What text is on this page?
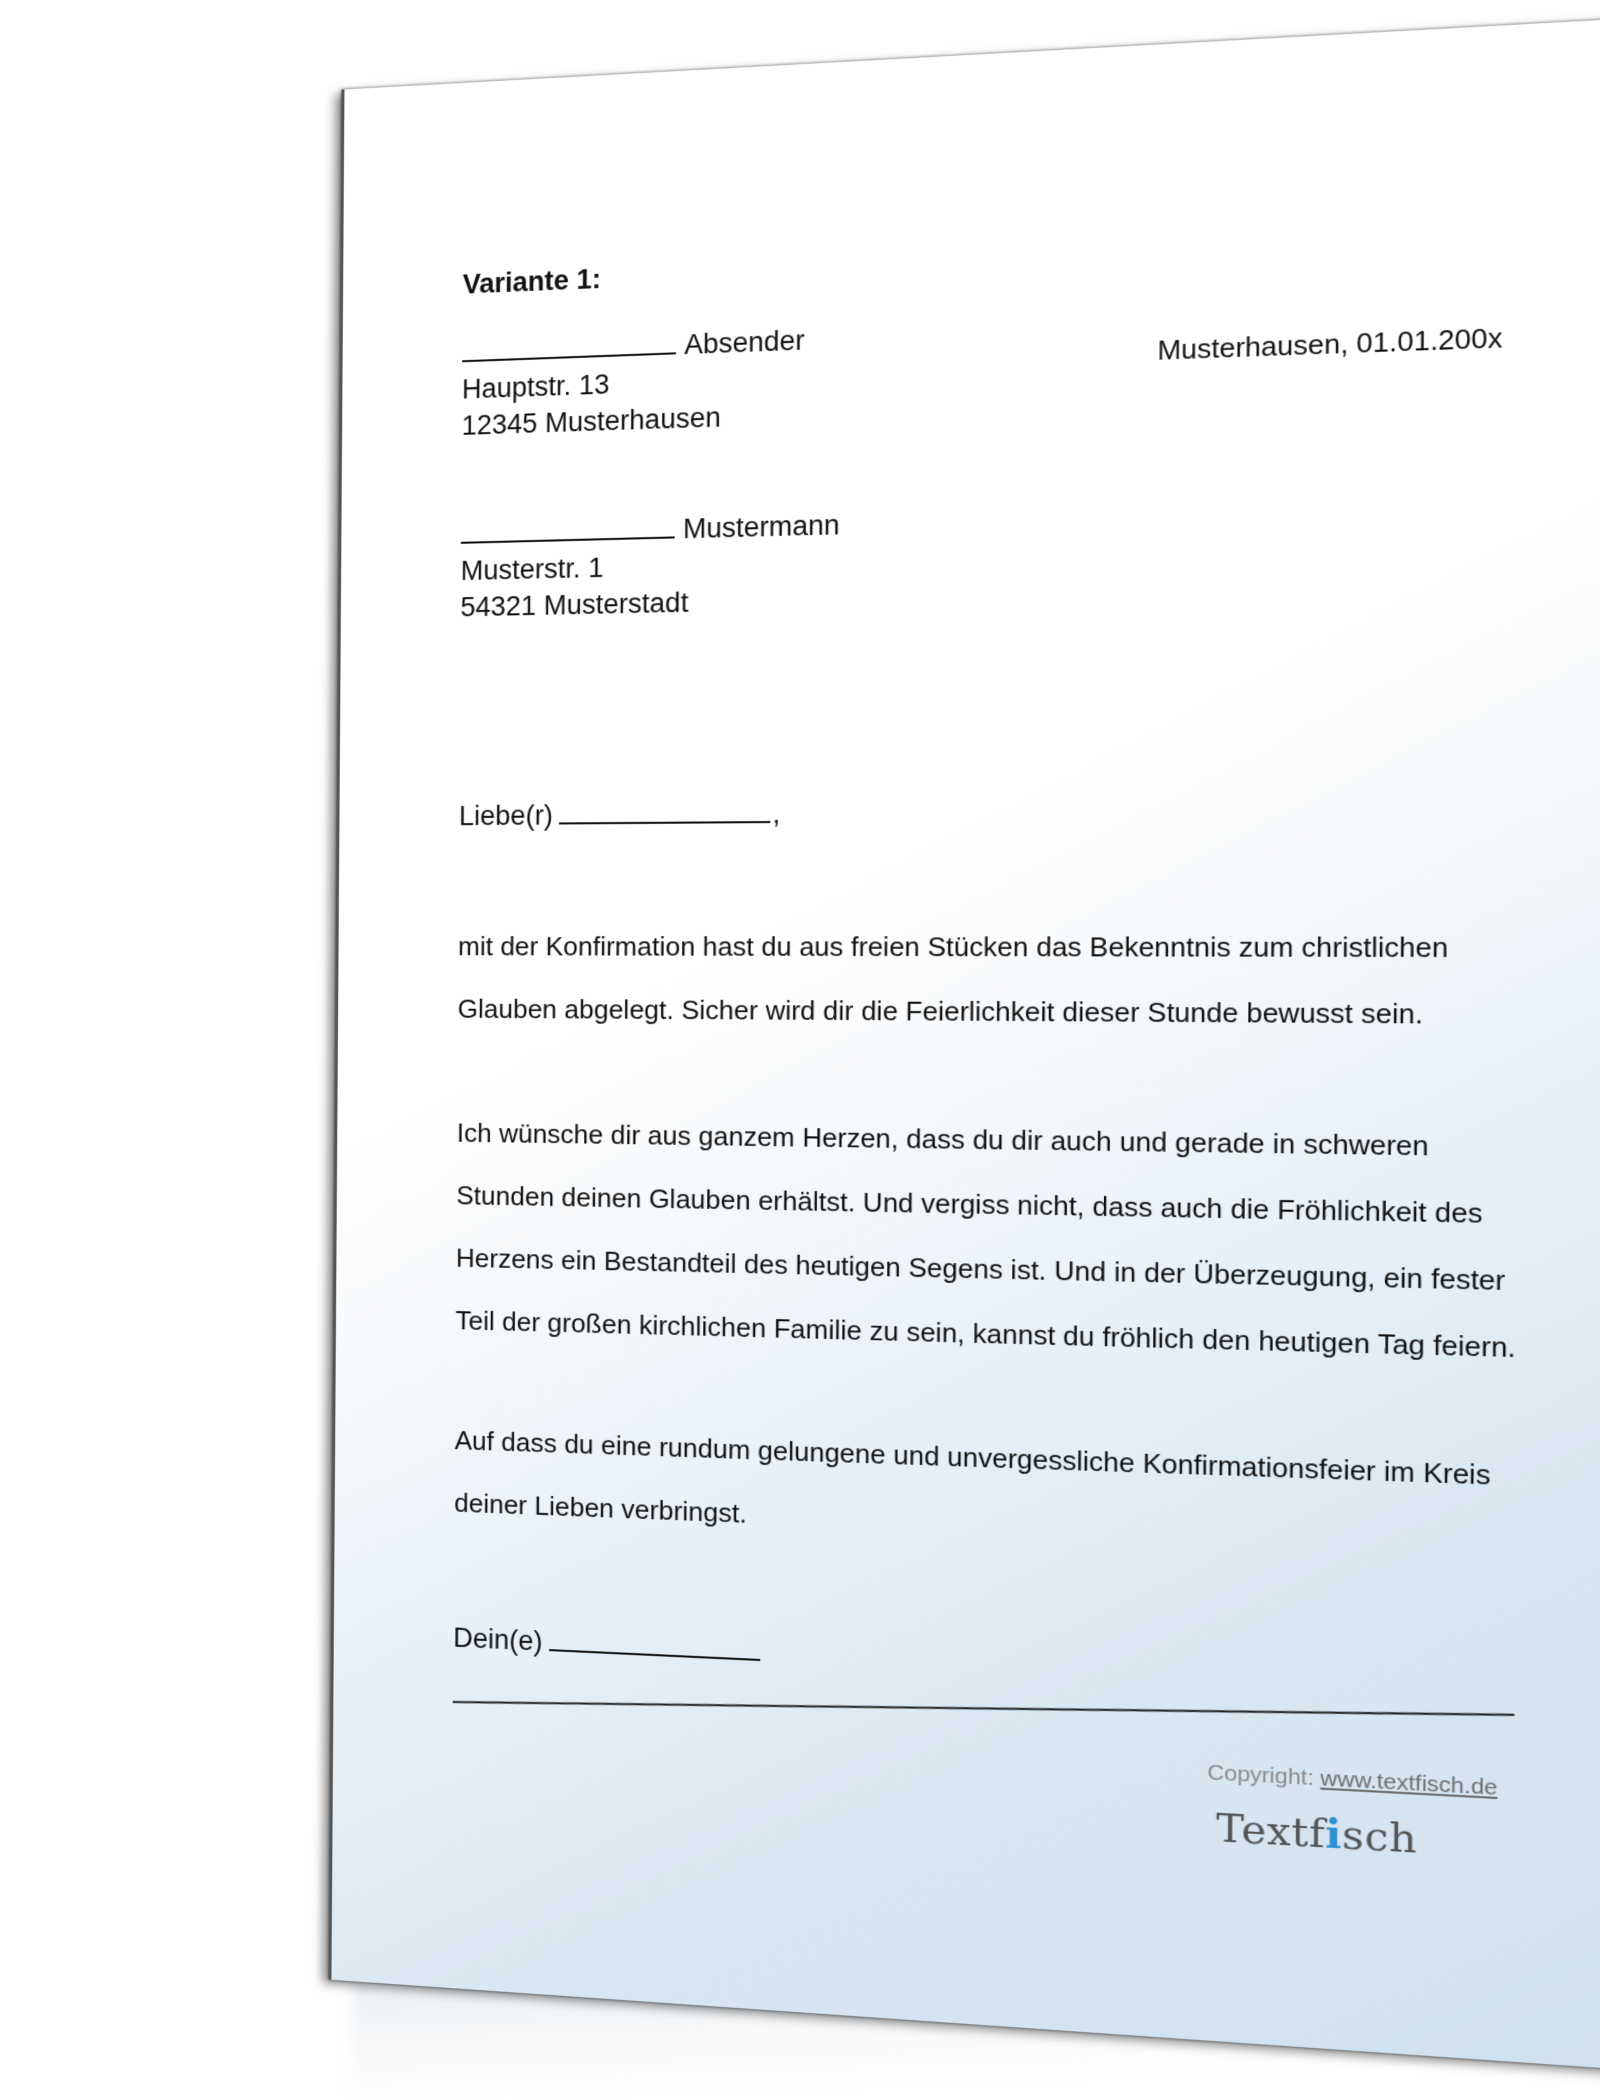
Variante 1:
Absender
Hauptstr. 13
12345 Musterhausen
Musterhausen, 01.01.200x
Mustermann
Musterstr. 1
54321 Musterstadt
Liebe(r)	,

mit der Konfirmation hast du aus freien Stücken das Bekenntnis zum christlichen Glauben abgelegt. Sicher wird dir die Feierlichkeit dieser Stunde bewusst sein.

Ich wünsche dir aus ganzem Herzen, dass du dir auch und gerade in schweren Stunden deinen Glauben erhältst. Und vergiss nicht, dass auch die Fröhlichkeit des Herzens ein Bestandteil des heutigen Segens ist. Und in der Überzeugung, ein fester Teil der großen kirchlichen Familie zu sein, kannst du fröhlich den heutigen Tag feiern.

Auf dass du eine rundum gelungene und unvergessliche Konfirmationsfeier im Kreis deiner Lieben verbringst.

Dein(e)
Copyright: www.textfisch.de
Textfisch
